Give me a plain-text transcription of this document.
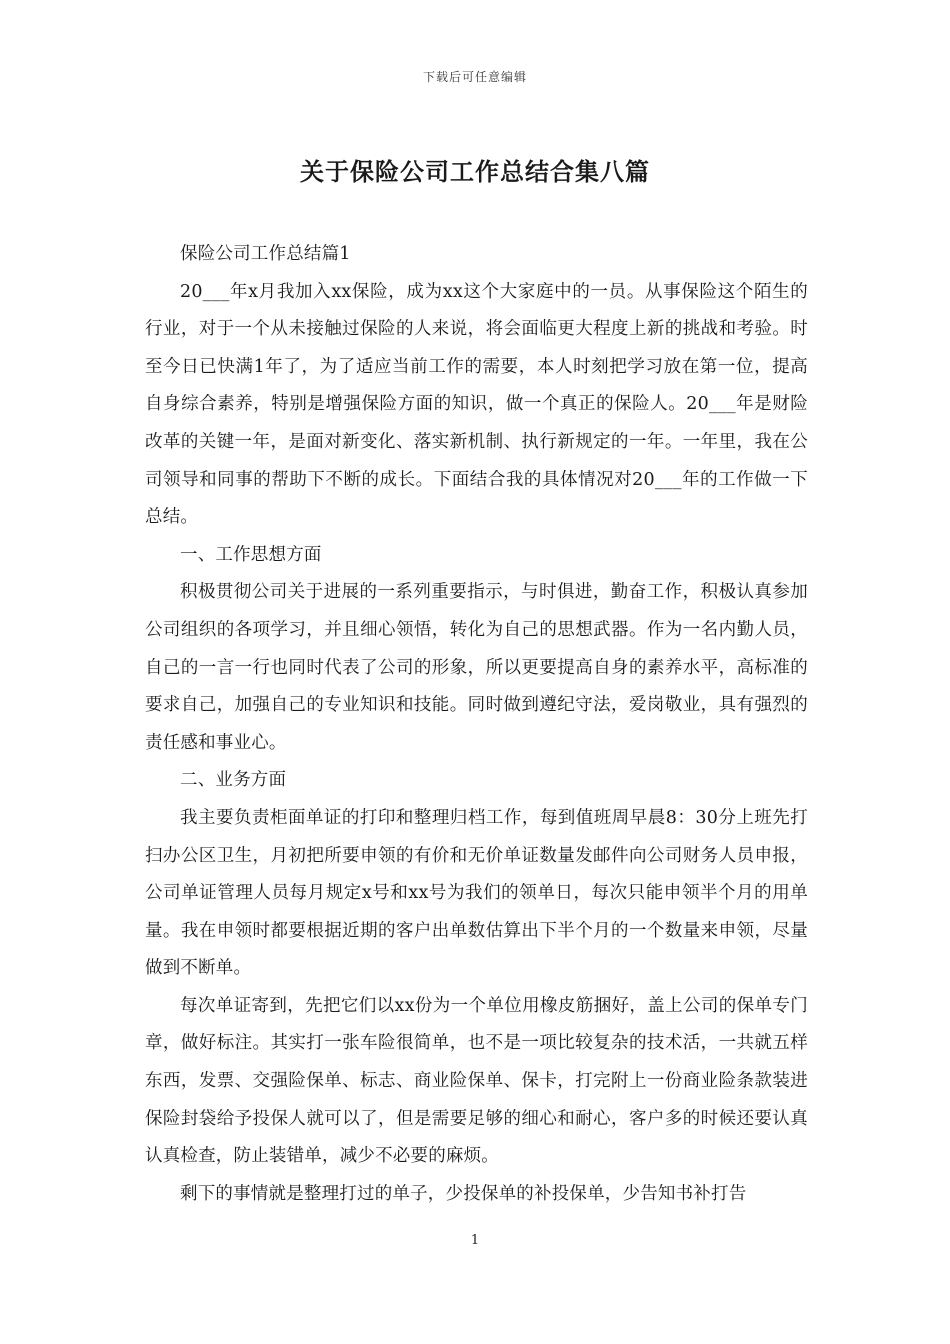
下载后可任意编辑
关于保险公司工作总结合集八篇

保险公司工作总结篇1

20___年x月我加入xx保险，成为xx这个大家庭中的一员。从事保险这个陌生的行业，对于一个从未接触过保险的人来说，将会面临更大程度上新的挑战和考验。时至今日已快满1年了，为了适应当前工作的需要，本人时刻把学习放在第一位，提高自身综合素养，特别是增强保险方面的知识，做一个真正的保险人。20___年是财险改革的关键一年，是面对新变化、落实新机制、执行新规定的一年。一年里，我在公司领导和同事的帮助下不断的成长。下面结合我的具体情况对20___年的工作做一下总结。

一、工作思想方面

积极贯彻公司关于进展的一系列重要指示，与时俱进，勤奋工作，积极认真参加公司组织的各项学习，并且细心领悟，转化为自己的思想武器。作为一名内勤人员，自己的一言一行也同时代表了公司的形象，所以更要提高自身的素养水平，高标准的要求自己，加强自己的专业知识和技能。同时做到遵纪守法，爱岗敬业，具有强烈的责任感和事业心。

二、业务方面

我主要负责柜面单证的打印和整理归档工作，每到值班周早晨8：30分上班先打扫办公区卫生，月初把所要申领的有价和无价单证数量发邮件向公司财务人员申报，公司单证管理人员每月规定x号和xx号为我们的领单日，每次只能申领半个月的用单量。我在申领时都要根据近期的客户出单数估算出下半个月的一个数量来申领，尽量做到不断单。

每次单证寄到，先把它们以xx份为一个单位用橡皮筋捆好，盖上公司的保单专门章，做好标注。其实打一张车险很简单，也不是一项比较复杂的技术活，一共就五样东西，发票、交强险保单、标志、商业险保单、保卡，打完附上一份商业险条款装进保险封袋给予投保人就可以了，但是需要足够的细心和耐心，客户多的时候还要认真认真检查，防止装错单，减少不必要的麻烦。

剩下的事情就是整理打过的单子，少投保单的补投保单，少告知书补打告

1
